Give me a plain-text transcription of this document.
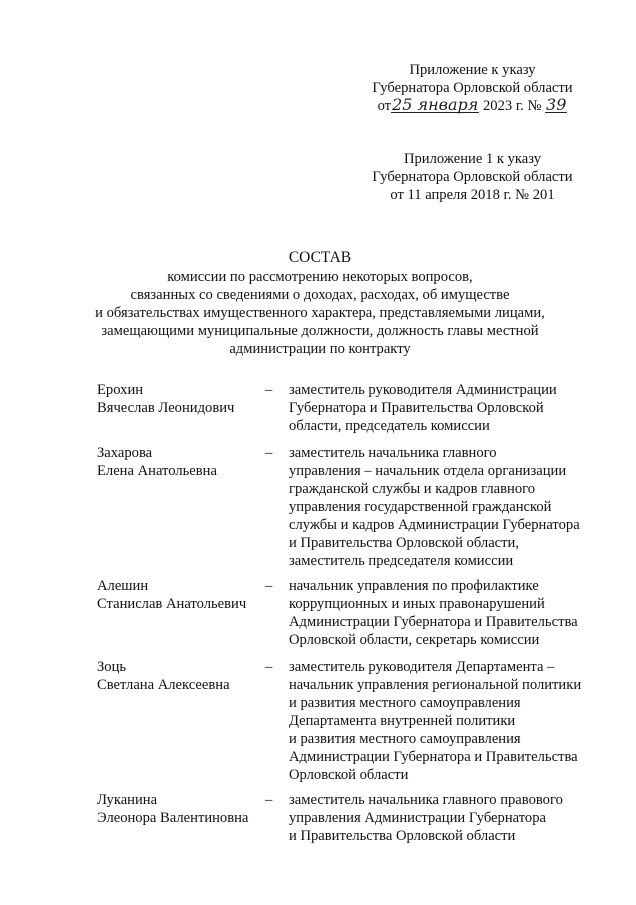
Приложение к указу
Губернатора Орловской области
от25 января 2023 г. № 39
Приложение 1 к указу
Губернатора Орловской области
от 11 апреля 2018 г. № 201
СОСТАВ
комиссии по рассмотрению некоторых вопросов,
связанных со сведениями о доходах, расходах, об имуществе
и обязательствах имущественного характера, представляемыми лицами,
замещающими муниципальные должности, должность главы местной
администрации по контракту
Ерохин
Вячеслав Леонидович
– заместитель руководителя Администрации
Губернатора и Правительства Орловской
области, председатель комиссии
Захарова
Елена Анатольевна
– заместитель начальника главного
управления – начальник отдела организации
гражданской службы и кадров главного
управления государственной гражданской
службы и кадров Администрации Губернатора
и Правительства Орловской области,
заместитель председателя комиссии
Алешин
Станислав Анатольевич
– начальник управления по профилактике
коррупционных и иных правонарушений
Администрации Губернатора и Правительства
Орловской области, секретарь комиссии
Зоць
Светлана Алексеевна
– заместитель руководителя Департамента –
начальник управления региональной политики
и развития местного самоуправления
Департамента внутренней политики
и развития местного самоуправления
Администрации Губернатора и Правительства
Орловской области
Луканина
Элеонора Валентиновна
– заместитель начальника главного правового
управления Администрации Губернатора
и Правительства Орловской области
